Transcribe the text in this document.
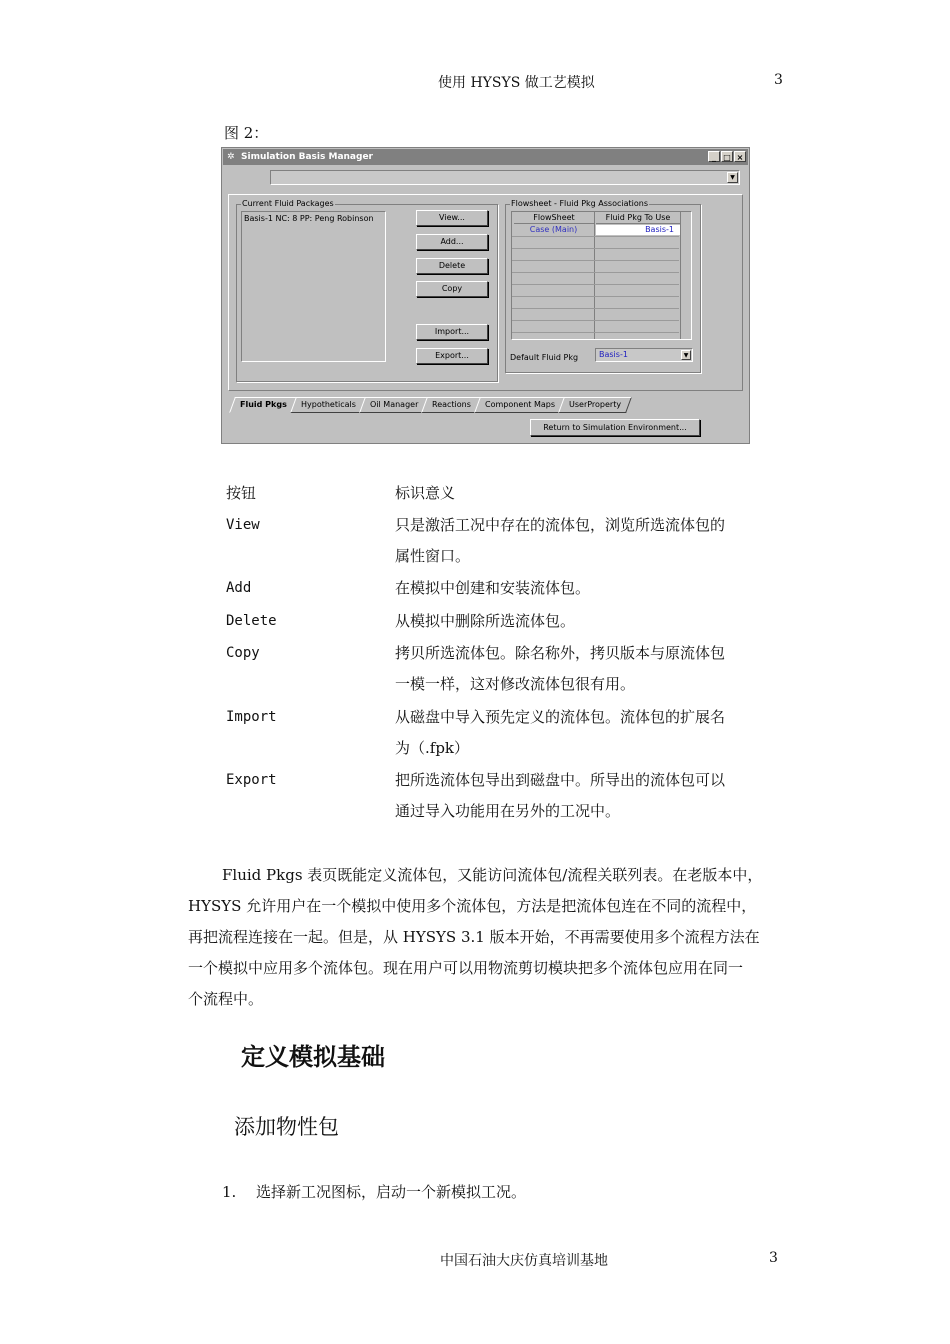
使用 HYSYS 做工艺模拟	3
图 2：
✲ Simulation Basis Manager	_ □ ×
▼
Current Fluid Packages
Basis-1 NC: 8 PP: Peng Robinson	View...
Add...
Delete
Copy
Import...
Export...
Flowsheet - Fluid Pkg Associations
FlowSheet	Fluid Pkg To Use
Case (Main)	Basis-1
Default Fluid Pkg	Basis-1	▼
Fluid Pkgs	Hypotheticals	Oil Manager	Reactions	Component Maps	UserProperty
Return to Simulation Environment...
按钮	标识意义
View	只是激活工况中存在的流体包，浏览所选流体包的
属性窗口。
Add	在模拟中创建和安装流体包。
Delete	从模拟中删除所选流体包。
Copy	拷贝所选流体包。除名称外，拷贝版本与原流体包
一模一样，这对修改流体包很有用。
Import	从磁盘中导入预先定义的流体包。流体包的扩展名
为（.fpk）
Export	把所选流体包导出到磁盘中。所导出的流体包可以
通过导入功能用在另外的工况中。
Fluid Pkgs 表页既能定义流体包，又能访问流体包/流程关联列表。在老版本中，
HYSYS 允许用户在一个模拟中使用多个流体包，方法是把流体包连在不同的流程中，
再把流程连接在一起。但是，从 HYSYS 3.1 版本开始，不再需要使用多个流程方法在
一个模拟中应用多个流体包。现在用户可以用物流剪切模块把多个流体包应用在同一
个流程中。
定义模拟基础
添加物性包
1. 选择新工况图标，启动一个新模拟工况。
中国石油大庆仿真培训基地	3
